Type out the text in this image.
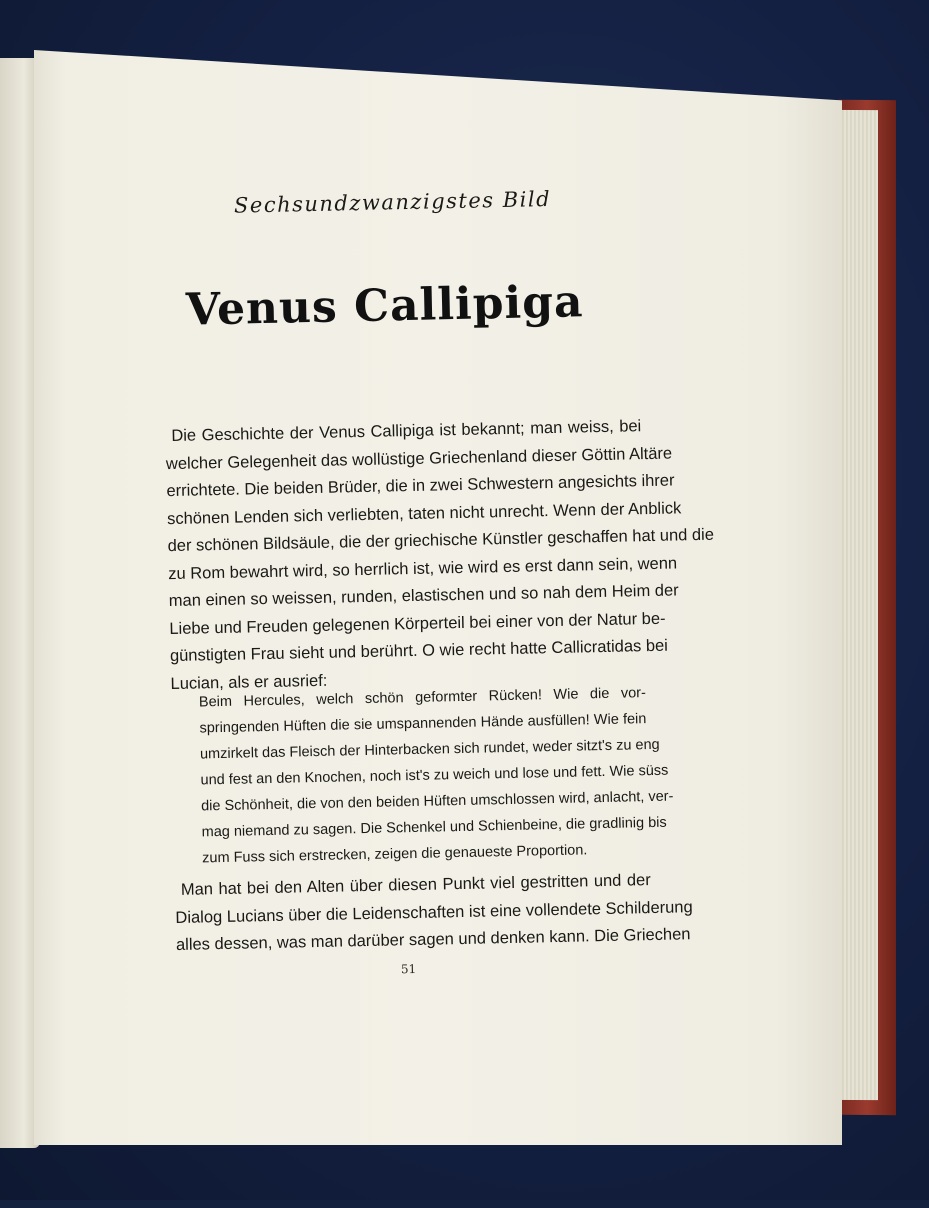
Sechsundzwanzigstes Bild
Venus Callipiga

Die Geschichte der Venus Callipiga ist bekannt; man weiss, bei
welcher Gelegenheit das wollüstige Griechenland dieser Göttin Altäre
errichtete. Die beiden Brüder, die in zwei Schwestern angesichts ihrer
schönen Lenden sich verliebten, taten nicht unrecht. Wenn der Anblick
der schönen Bildsäule, die der griechische Künstler geschaffen hat und die
zu Rom bewahrt wird, so herrlich ist, wie wird es erst dann sein, wenn
man einen so weissen, runden, elastischen und so nah dem Heim der
Liebe und Freuden gelegenen Körperteil bei einer von der Natur be-
günstigten Frau sieht und berührt. O wie recht hatte Callicratidas bei
Lucian, als er ausrief:

Beim Hercules, welch schön geformter Rücken! Wie die vor-
springenden Hüften die sie umspannenden Hände ausfüllen! Wie fein
umzirkelt das Fleisch der Hinterbacken sich rundet, weder sitzt's zu eng
und fest an den Knochen, noch ist's zu weich und lose und fett. Wie süss
die Schönheit, die von den beiden Hüften umschlossen wird, anlacht, ver-
mag niemand zu sagen. Die Schenkel und Schienbeine, die gradlinig bis
zum Fuss sich erstrecken, zeigen die genaueste Proportion.

Man hat bei den Alten über diesen Punkt viel gestritten und der
Dialog Lucians über die Leidenschaften ist eine vollendete Schilderung
alles dessen, was man darüber sagen und denken kann. Die Griechen

51
